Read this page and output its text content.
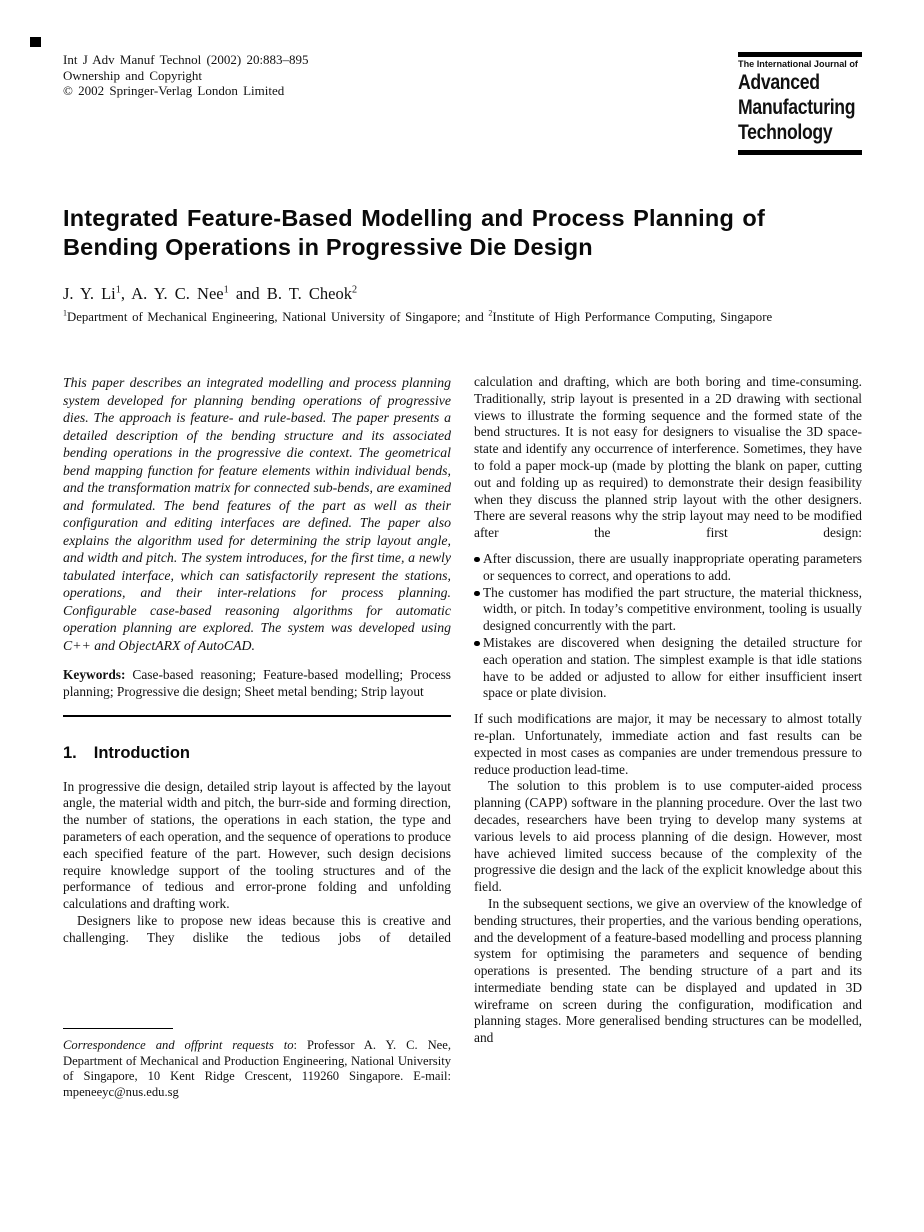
Int J Adv Manuf Technol (2002) 20:883–895
Ownership and Copyright
© 2002 Springer-Verlag London Limited
The International Journal of
Advanced
Manufacturing
Technology
Integrated Feature-Based Modelling and Process Planning of
Bending Operations in Progressive Die Design
J. Y. Li$^1$, A. Y. C. Nee$^1$ and B. T. Cheok$^2$
$^1$Department of Mechanical Engineering, National University of Singapore; and $^2$Institute of High Performance Computing, Singapore

This paper describes an integrated modelling and process planning system developed for planning bending operations of progressive dies. The approach is feature- and rule-based. The paper presents a detailed description of the bending structure and its associated bending operations in the progressive die context. The geometrical bend mapping function for feature elements within individual bends, and the transformation matrix for connected sub-bends, are examined and formulated. The bend features of the part as well as their configuration and editing interfaces are defined. The paper also explains the algorithm used for determining the strip layout angle, and width and pitch. The system introduces, for the first time, a newly tabulated interface, which can satisfactorily represent the stations, operations, and their inter-relations for process planning. Configurable case-based reasoning algorithms for automatic operation planning are explored. The system was developed using C++ and ObjectARX of AutoCAD.

Keywords: Case-based reasoning; Feature-based modelling; Process planning; Progressive die design; Sheet metal bending; Strip layout

1. Introduction

In progressive die design, detailed strip layout is affected by the layout angle, the material width and pitch, the burr-side and forming direction, the number of stations, the operations in each station, the type and parameters of each operation, and the sequence of operations to produce each specified feature of the part. However, such design decisions require knowledge support of the tooling structures and of the performance of tedious and error-prone folding and unfolding calculations and drafting work.

Designers like to propose new ideas because this is creative and challenging. They dislike the tedious jobs of detailed

Correspondence and offprint requests to: Professor A. Y. C. Nee, Department of Mechanical and Production Engineering, National University of Singapore, 10 Kent Ridge Crescent, 119260 Singapore. E-mail: mpeneeyc@nus.edu.sg

calculation and drafting, which are both boring and time-consuming. Traditionally, strip layout is presented in a 2D drawing with sectional views to illustrate the forming sequence and the formed state of the bend structures. It is not easy for designers to visualise the 3D space-state and identify any occurrence of interference. Sometimes, they have to fold a paper mock-up (made by plotting the blank on paper, cutting out and folding up as required) to demonstrate their design feasibility when they discuss the planned strip layout with the other designers. There are several reasons why the strip layout may need to be modified after the first design:

After discussion, there are usually inappropriate operating parameters or sequences to correct, and operations to add.
The customer has modified the part structure, the material thickness, width, or pitch. In today’s competitive environment, tooling is usually designed concurrently with the part.
Mistakes are discovered when designing the detailed structure for each operation and station. The simplest example is that idle stations have to be added or adjusted to allow for either insufficient insert space or plate division.

If such modifications are major, it may be necessary to almost totally re-plan. Unfortunately, immediate action and fast results can be expected in most cases as companies are under tremendous pressure to reduce production lead-time.

The solution to this problem is to use computer-aided process planning (CAPP) software in the planning procedure. Over the last two decades, researchers have been trying to develop many systems at various levels to aid process planning of die design. However, most have achieved limited success because of the complexity of the progressive die design and the lack of the explicit knowledge about this field.

In the subsequent sections, we give an overview of the knowledge of bending structures, their properties, and the various bending operations, and the development of a feature-based modelling and process planning system for optimising the parameters and sequence of bending operations is presented. The bending structure of a part and its intermediate bending state can be displayed and updated in 3D wireframe on screen during the configuration, modification and planning stages. More generalised bending structures can be modelled, and
